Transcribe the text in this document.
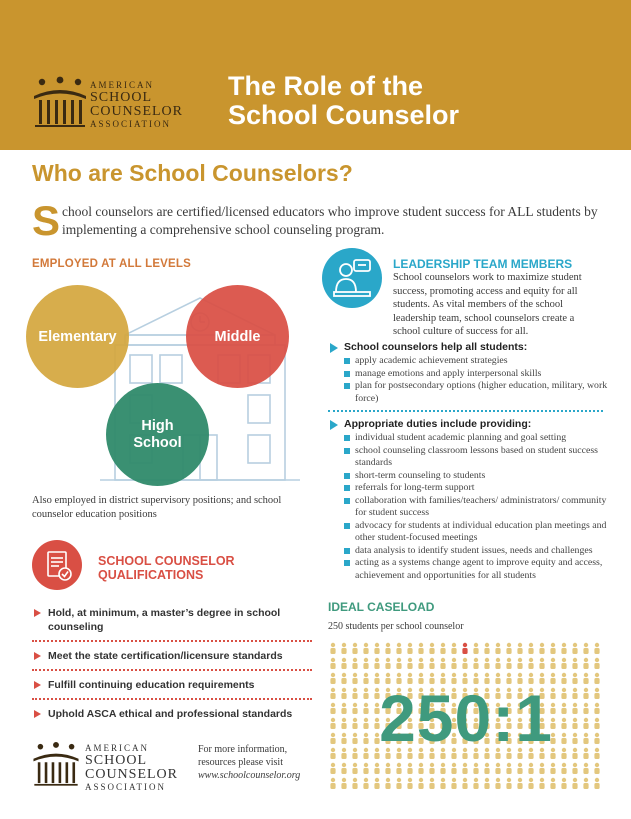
AMERICAN
SCHOOL
COUNSELOR
ASSOCIATION
The Role of the
School Counselor
Who are School Counselors?
School counselors are certified/licensed educators who improve student success for ALL students by implementing a comprehensive school counseling program.
EMPLOYED AT ALL LEVELS
Elementary	Middle
High School
Also employed in district supervisory positions; and school counselor education positions
SCHOOL COUNSELOR
QUALIFICATIONS
Hold, at minimum, a master’s degree in school counseling
Meet the state certification/licensure standards
Fulfill continuing education requirements
Uphold ASCA ethical and professional standards
LEADERSHIP TEAM MEMBERS
School counselors work to maximize student success, promoting access and equity for all students. As vital members of the school leadership team, school counselors create a school culture of success for all.
School counselors help all students:
apply academic achievement strategies
manage emotions and apply interpersonal skills
plan for postsecondary options (higher education, military, work force)
Appropriate duties include providing:
individual student academic planning and goal setting
school counseling classroom lessons based on student success standards
short-term counseling to students
referrals for long-term support
collaboration with families/teachers/ administrators/ community for student success
advocacy for students at individual education plan meetings and other student-focused meetings
data analysis to identify student issues, needs and challenges
acting as a systems change agent to improve equity and access, achievement and opportunities for all students
IDEAL CASELOAD
250 students per school counselor
250:1
AMERICAN
SCHOOL
COUNSELOR
ASSOCIATION
For more information,
resources please visit
www.schoolcounselor.org
